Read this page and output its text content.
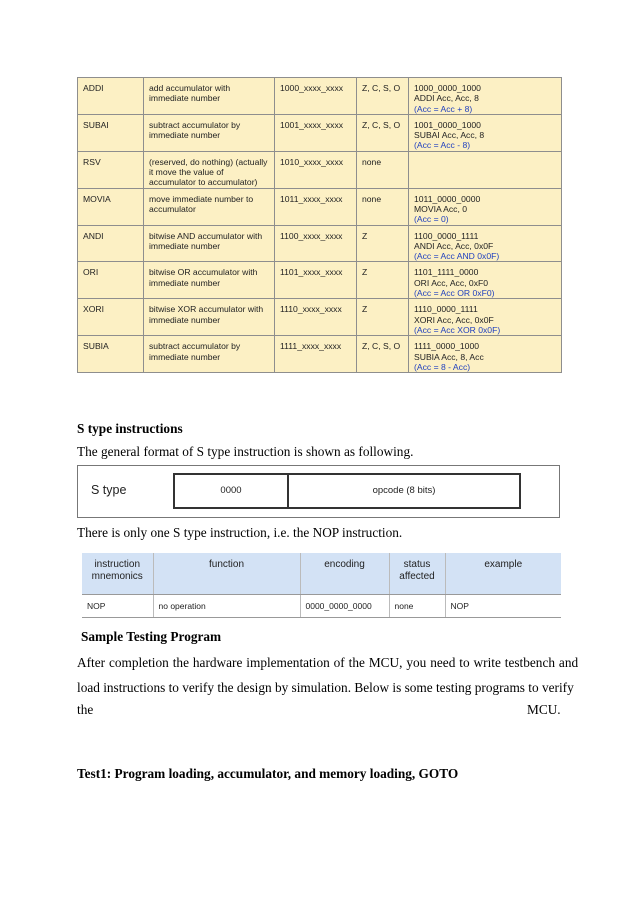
ADDI	add accumulator with
immediate number	1000_xxxx_xxxx	Z, C, S, O	1000_0000_1000
ADDI Acc, Acc, 8
(Acc = Acc + 8)

SUBAI	subtract accumulator by
immediate number	1001_xxxx_xxxx	Z, C, S, O	1001_0000_1000
SUBAI Acc, Acc, 8
(Acc = Acc - 8)

RSV	(reserved, do nothing) (actually
it move the value of
accumulator to accumulator)	1010_xxxx_xxxx	none	
MOVIA	move immediate number to
accumulator	1011_xxxx_xxxx	none	1011_0000_0000
MOVIA Acc, 0
(Acc = 0)

ANDI	bitwise AND accumulator with
immediate number	1100_xxxx_xxxx	Z	1100_0000_1111
ANDI Acc, Acc, 0x0F
(Acc = Acc AND 0x0F)

ORI	bitwise OR accumulator with
immediate number	1101_xxxx_xxxx	Z	1101_1111_0000
ORI Acc, Acc, 0xF0
(Acc = Acc OR 0xF0)

XORI	bitwise XOR accumulator with
immediate number	1110_xxxx_xxxx	Z	1110_0000_1111
XORI Acc, Acc, 0x0F
(Acc = Acc XOR 0x0F)

SUBIA	subtract accumulator by
immediate number	1111_xxxx_xxxx	Z, C, S, O	1111_0000_1000
SUBIA Acc, 8, Acc
(Acc = 8 - Acc)
S type instructions
The general format of S type instruction is shown as following.
S type	0000	opcode (8 bits)
There is only one S type instruction, i.e. the NOP instruction.
instruction
mnemonics	function	encoding	status
affected	example

NOP	no operation	0000_0000_0000	none	NOP
Sample Testing Program
After completion the hardware implementation of the MCU, you need to write testbench and
load instructions to verify the design by simulation. Below is some testing programs to verify
the	MCU.
Test1: Program loading, accumulator, and memory loading, GOTO
